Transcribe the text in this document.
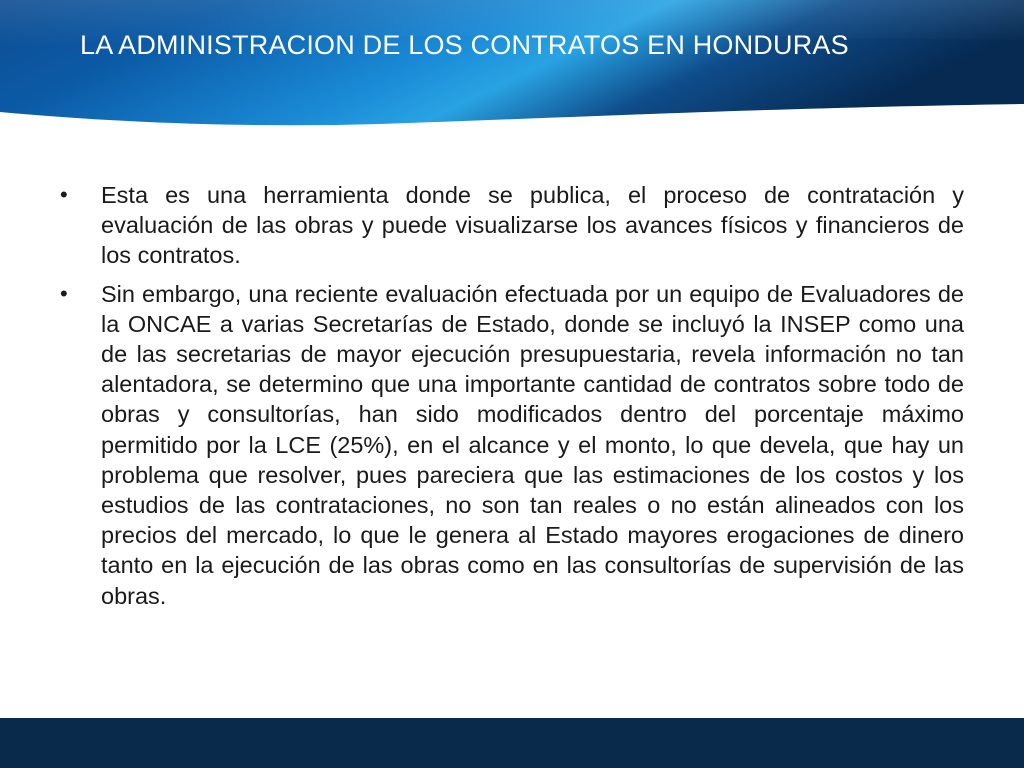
LA ADMINISTRACION DE LOS CONTRATOS EN HONDURAS
• Esta es una herramienta donde se publica, el proceso de contratación y evaluación de las obras y puede visualizarse los avances físicos y financieros de los contratos.
• Sin embargo, una reciente evaluación efectuada por un equipo de Evaluadores de la ONCAE a varias Secretarías de Estado, donde se incluyó la INSEP como una de las secretarias de mayor ejecución presupuestaria, revela información no tan alentadora, se determino que una importante cantidad de contratos sobre todo de obras y consultorías, han sido modificados dentro del porcentaje máximo permitido por la LCE (25%), en el alcance y el monto, lo que devela, que hay un problema que resolver, pues pareciera que las estimaciones de los costos y los estudios de las contrataciones, no son tan reales o no están alineados con los precios del mercado, lo que le genera al Estado mayores erogaciones de dinero tanto en la ejecución de las obras como en las consultorías de supervisión de las obras.
